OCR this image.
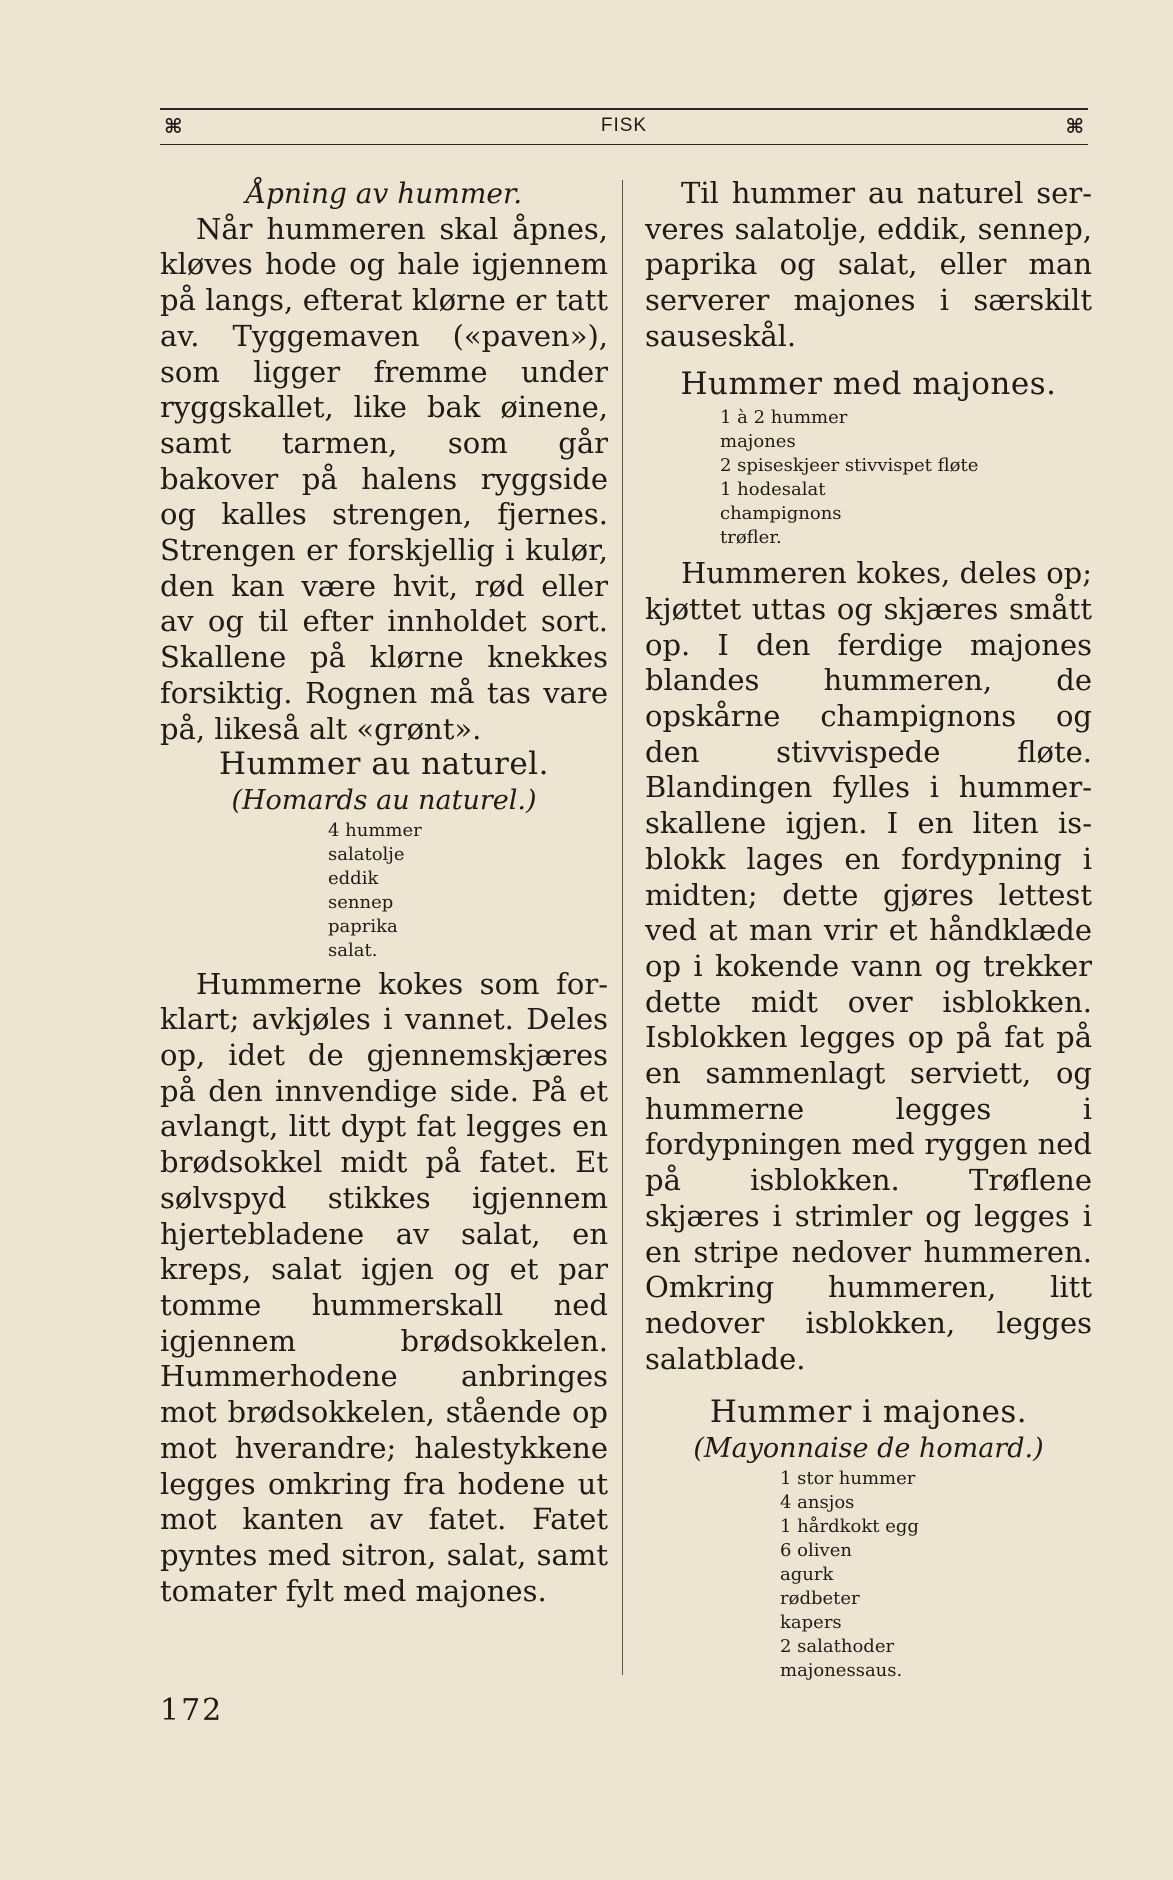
⌘	FISK	⌘

Åpning av hummer.

Når hummeren skal åpnes, kløves hode og hale igjennem på langs, efterat klørne er tatt av. Tyggemaven («paven»), som ligger fremme under ryggskallet, like bak øinene, samt tarmen, som går bakover på halens ryggside og kalles strengen, fjernes. Strengen er forskjellig i kulør, den kan være hvit, rød eller av og til efter innholdet sort. Skallene på klørne knekkes forsiktig. Rognen må tas vare på, likeså alt «grønt».

Hummer au naturel.

(Homards au naturel.)

4 hummer
salatolje
eddik
sennep
paprika
salat.

Hummerne kokes som forklart; avkjøles i vannet. Deles op, idet de gjennemskjæres på den innvendige side. På et avlangt, litt dypt fat legges en brødsokkel midt på fatet. Et sølvspyd stikkes igjennem hjertebladene av salat, en kreps, salat igjen og et par tomme hummerskall ned igjennem brødsokkelen. Hummerhodene anbringes mot brødsokkelen, stående op mot hverandre; halestykkene legges omkring fra hodene ut mot kanten av fatet. Fatet pyntes med sitron, salat, samt tomater fylt med majones.

Til hummer au naturel serveres salatolje, eddik, sennep, paprika og salat, eller man serverer majones i særskilt sauseskål.

Hummer med majones.

1 à 2 hummer
majones
2 spiseskjeer stivvispet fløte
1 hodesalat
champignons
trøfler.

Hummeren kokes, deles op; kjøttet uttas og skjæres smått op. I den ferdige majones blandes hummeren, de opskårne champignons og den stivvispede fløte. Blandingen fylles i hummerskallene igjen. I en liten isblokk lages en fordypning i midten; dette gjøres lettest ved at man vrir et håndklæde op i kokende vann og trekker dette midt over isblokken. Isblokken legges op på fat på en sammenlagt serviett, og hummerne legges i fordypningen med ryggen ned på isblokken. Trøflene skjæres i strimler og legges i en stripe nedover hummeren. Omkring hummeren, litt nedover isblokken, legges salatblade.

Hummer i majones.

(Mayonnaise de homard.)

1 stor hummer
4 ansjos
1 hårdkokt egg
6 oliven
agurk
rødbeter
kapers
2 salathoder
majonessaus.
172
